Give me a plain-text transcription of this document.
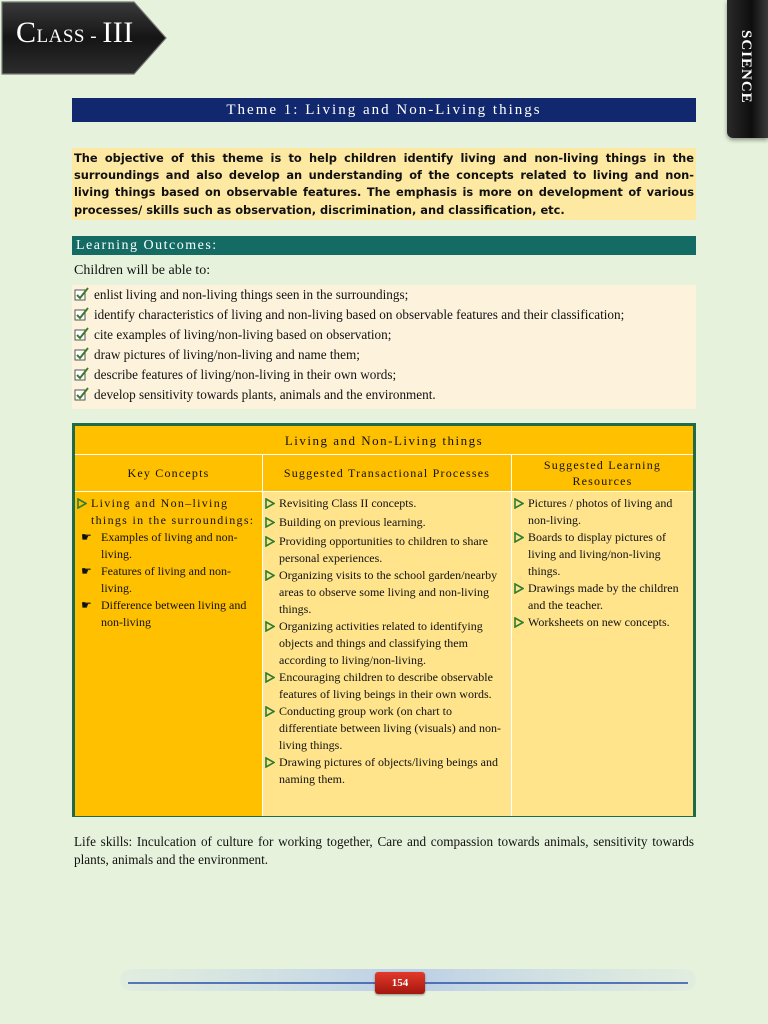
CLASS - III	SCIENCE
Theme 1: Living and Non-Living things
The objective of this theme is to help children identify living and non-living things in the surroundings and also develop an understanding of the concepts related to living and non-living things based on observable features. The emphasis is more on development of various processes/ skills such as observation, discrimination, and classification, etc.
Learning Outcomes:
Children will be able to:
enlist living and non-living things seen in the surroundings;
identify characteristics of living and non-living based on observable features and their classification;
cite examples of living/non-living based on observation;
draw pictures of living/non-living and name them;
describe features of living/non-living in their own words;
develop sensitivity towards plants, animals and the environment.
Living and Non-Living things
Key Concepts	Suggested Transactional Processes
Suggested Learning Resources
Living and Non–living things in the surroundings:
☛ Examples of living and non-living.
☛ Features of living and non-living.
☛ Difference between living and non-living
Revisiting Class II concepts.
Building on previous learning.
Providing opportunities to children to share personal experiences.
Organizing visits to the school garden/nearby areas to observe some living and non-living things.
Organizing activities related to identifying objects and things and classifying them according to living/non-living.
Encouraging children to describe observable features of living beings in their own words.
Conducting group work (on chart to differentiate between living (visuals) and non-living things.
Drawing pictures of objects/living beings and naming them.
Pictures / photos of living and non-living.
Boards to display pictures of living and living/non-living things.
Drawings made by the children and the teacher.
Worksheets on new concepts.
Life skills: Inculcation of culture for working together, Care and compassion towards animals, sensitivity towards plants, animals and the environment.
154
